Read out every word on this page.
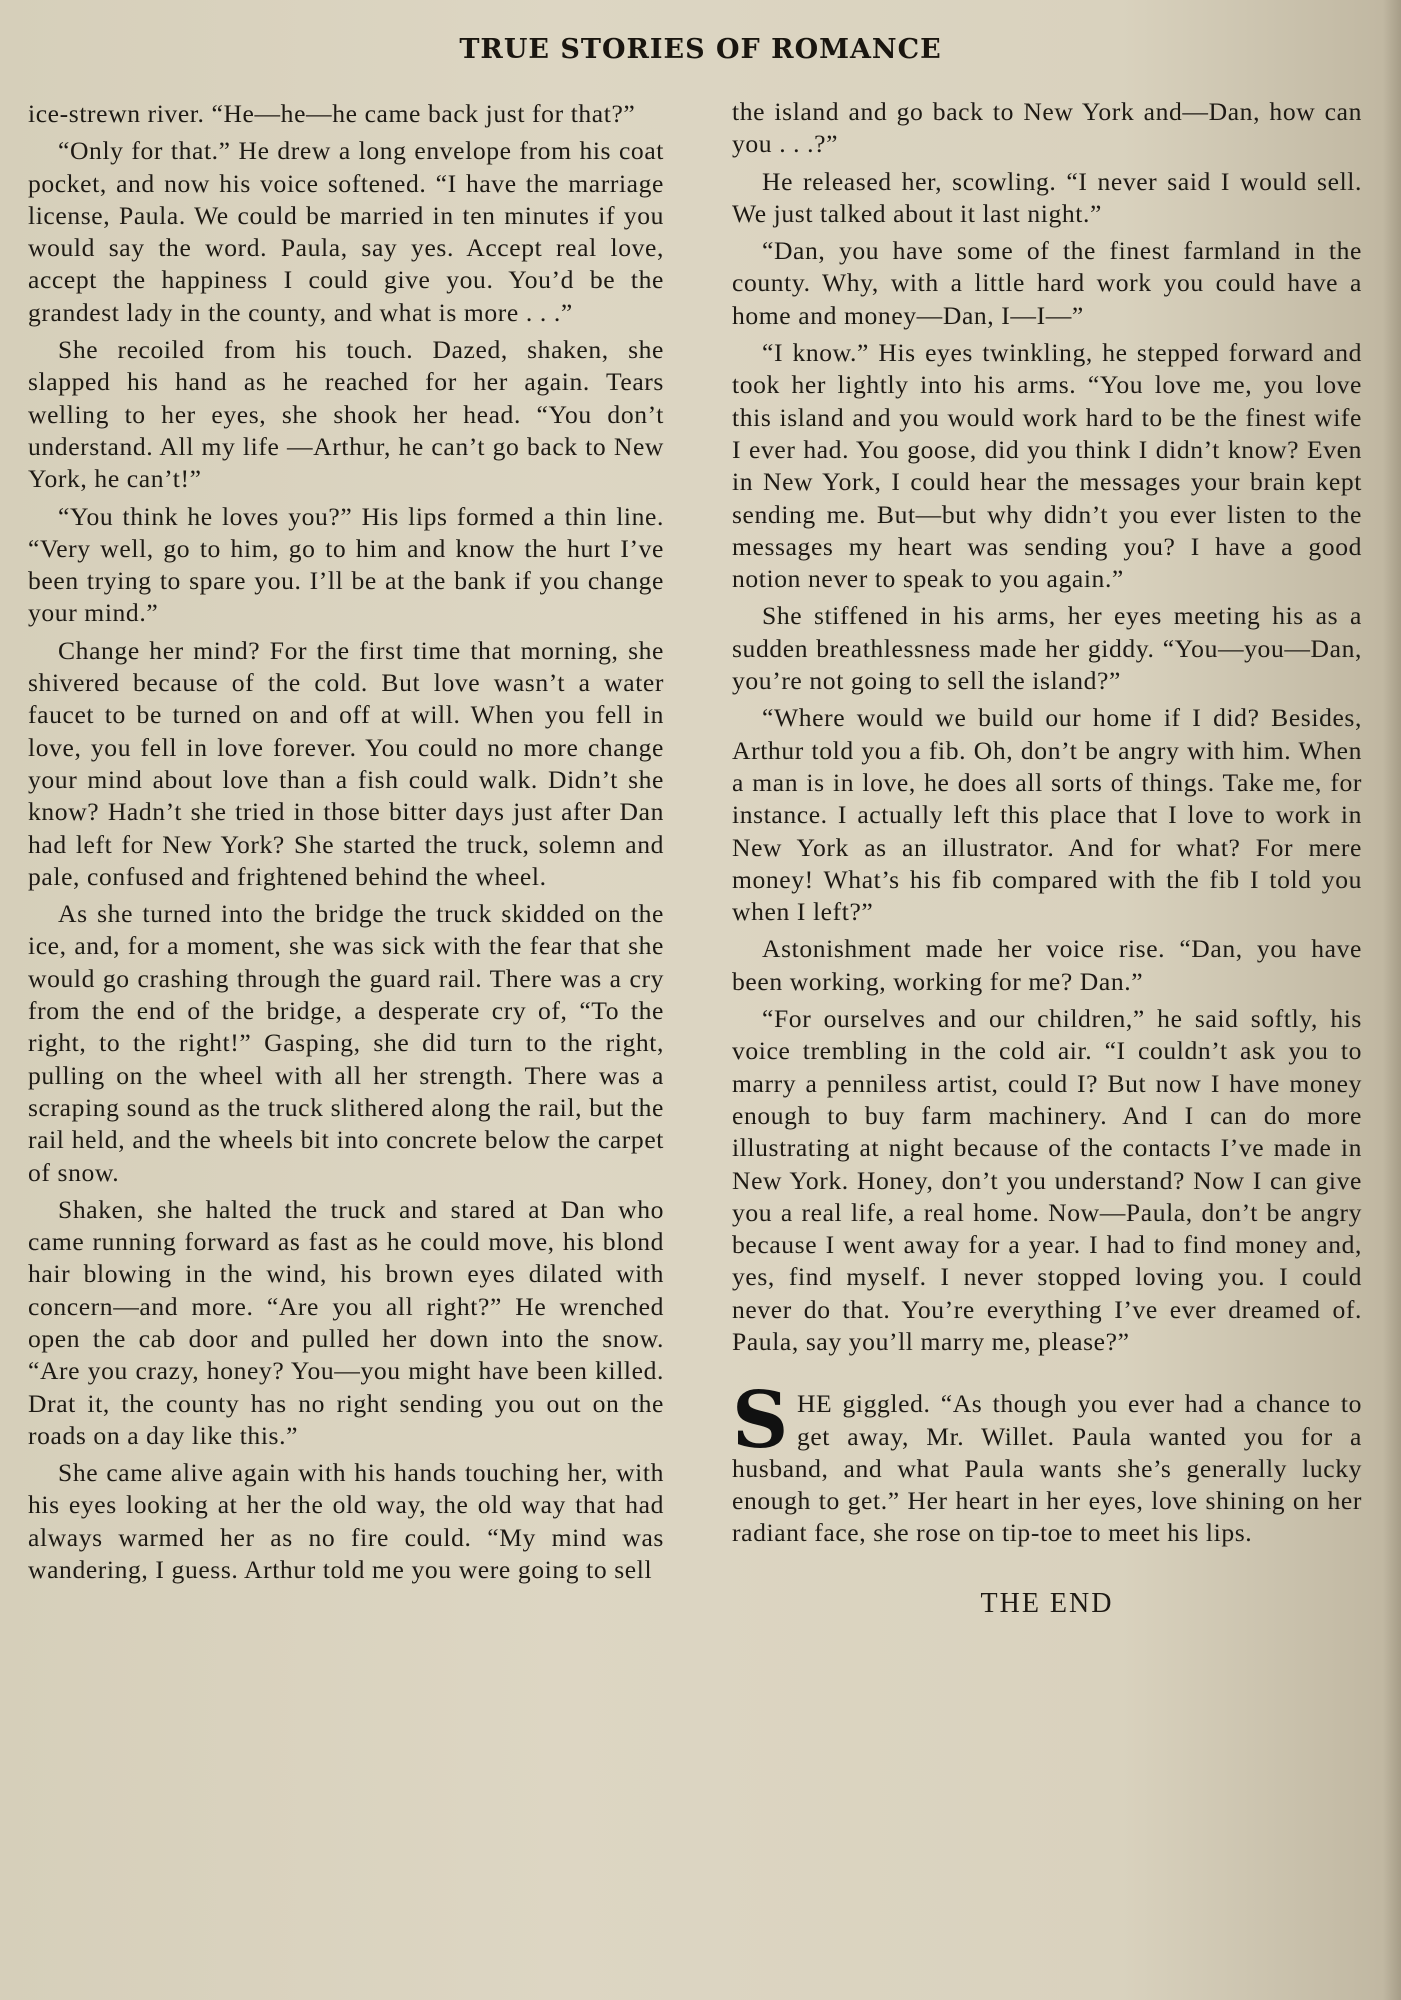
TRUE STORIES OF ROMANCE

ice-strewn river. “He—he—he came back just for that?”

“Only for that.” He drew a long envelope from his coat pocket, and now his voice softened. “I have the marriage license, Paula. We could be married in ten minutes if you would say the word. Paula, say yes. Accept real love, accept the happiness I could give you. You’d be the grandest lady in the county, and what is more . . .”

She recoiled from his touch. Dazed, shaken, she slapped his hand as he reached for her again. Tears welling to her eyes, she shook her head. “You don’t understand. All my life —Arthur, he can’t go back to New York, he can’t!”

“You think he loves you?” His lips formed a thin line. “Very well, go to him, go to him and know the hurt I’ve been trying to spare you. I’ll be at the bank if you change your mind.”

Change her mind? For the first time that morning, she shivered because of the cold. But love wasn’t a water faucet to be turned on and off at will. When you fell in love, you fell in love forever. You could no more change your mind about love than a fish could walk. Didn’t she know? Hadn’t she tried in those bitter days just after Dan had left for New York? She started the truck, solemn and pale, confused and frightened behind the wheel.

As she turned into the bridge the truck skidded on the ice, and, for a moment, she was sick with the fear that she would go crashing through the guard rail. There was a cry from the end of the bridge, a desperate cry of, “To the right, to the right!” Gasping, she did turn to the right, pulling on the wheel with all her strength. There was a scraping sound as the truck slithered along the rail, but the rail held, and the wheels bit into concrete below the carpet of snow.

Shaken, she halted the truck and stared at Dan who came running forward as fast as he could move, his blond hair blowing in the wind, his brown eyes dilated with concern—and more. “Are you all right?” He wrenched open the cab door and pulled her down into the snow. “Are you crazy, honey? You—you might have been killed. Drat it, the county has no right sending you out on the roads on a day like this.”

She came alive again with his hands touching her, with his eyes looking at her the old way, the old way that had always warmed her as no fire could. “My mind was wandering, I guess. Arthur told me you were going to sell

the island and go back to New York and—Dan, how can you . . .?”

He released her, scowling. “I never said I would sell. We just talked about it last night.”

“Dan, you have some of the finest farmland in the county. Why, with a little hard work you could have a home and money—Dan, I—I—”

“I know.” His eyes twinkling, he stepped forward and took her lightly into his arms. “You love me, you love this island and you would work hard to be the finest wife I ever had. You goose, did you think I didn’t know? Even in New York, I could hear the messages your brain kept sending me. But—but why didn’t you ever listen to the messages my heart was sending you? I have a good notion never to speak to you again.”

She stiffened in his arms, her eyes meeting his as a sudden breathlessness made her giddy. “You—you—Dan, you’re not going to sell the island?”

“Where would we build our home if I did? Besides, Arthur told you a fib. Oh, don’t be angry with him. When a man is in love, he does all sorts of things. Take me, for instance. I actually left this place that I love to work in New York as an illustrator. And for what? For mere money! What’s his fib compared with the fib I told you when I left?”

Astonishment made her voice rise. “Dan, you have been working, working for me? Dan.”

“For ourselves and our children,” he said softly, his voice trembling in the cold air. “I couldn’t ask you to marry a penniless artist, could I? But now I have money enough to buy farm machinery. And I can do more illustrating at night because of the contacts I’ve made in New York. Honey, don’t you understand? Now I can give you a real life, a real home. Now—Paula, don’t be angry because I went away for a year. I had to find money and, yes, find myself. I never stopped loving you. I could never do that. You’re everything I’ve ever dreamed of. Paula, say you’ll marry me, please?”

SHE giggled. “As though you ever had a chance to get away, Mr. Willet. Paula wanted you for a husband, and what Paula wants she’s generally lucky enough to get.” Her heart in her eyes, love shining on her radiant face, she rose on tip-toe to meet his lips.

THE END
